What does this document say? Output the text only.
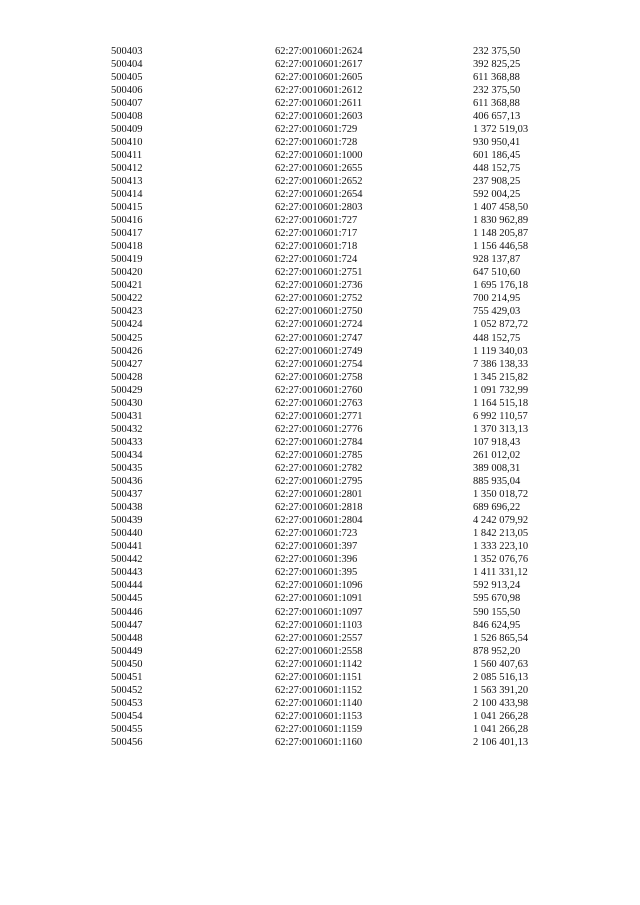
500403	62:27:0010601:2624	232 375,50
500404	62:27:0010601:2617	392 825,25
500405	62:27:0010601:2605	611 368,88
500406	62:27:0010601:2612	232 375,50
500407	62:27:0010601:2611	611 368,88
500408	62:27:0010601:2603	406 657,13
500409	62:27:0010601:729	1 372 519,03
500410	62:27:0010601:728	930 950,41
500411	62:27:0010601:1000	601 186,45
500412	62:27:0010601:2655	448 152,75
500413	62:27:0010601:2652	237 908,25
500414	62:27:0010601:2654	592 004,25
500415	62:27:0010601:2803	1 407 458,50
500416	62:27:0010601:727	1 830 962,89
500417	62:27:0010601:717	1 148 205,87
500418	62:27:0010601:718	1 156 446,58
500419	62:27:0010601:724	928 137,87
500420	62:27:0010601:2751	647 510,60
500421	62:27:0010601:2736	1 695 176,18
500422	62:27:0010601:2752	700 214,95
500423	62:27:0010601:2750	755 429,03
500424	62:27:0010601:2724	1 052 872,72
500425	62:27:0010601:2747	448 152,75
500426	62:27:0010601:2749	1 119 340,03
500427	62:27:0010601:2754	7 386 138,33
500428	62:27:0010601:2758	1 345 215,82
500429	62:27:0010601:2760	1 091 732,99
500430	62:27:0010601:2763	1 164 515,18
500431	62:27:0010601:2771	6 992 110,57
500432	62:27:0010601:2776	1 370 313,13
500433	62:27:0010601:2784	107 918,43
500434	62:27:0010601:2785	261 012,02
500435	62:27:0010601:2782	389 008,31
500436	62:27:0010601:2795	885 935,04
500437	62:27:0010601:2801	1 350 018,72
500438	62:27:0010601:2818	689 696,22
500439	62:27:0010601:2804	4 242 079,92
500440	62:27:0010601:723	1 842 213,05
500441	62:27:0010601:397	1 333 223,10
500442	62:27:0010601:396	1 352 076,76
500443	62:27:0010601:395	1 411 331,12
500444	62:27:0010601:1096	592 913,24
500445	62:27:0010601:1091	595 670,98
500446	62:27:0010601:1097	590 155,50
500447	62:27:0010601:1103	846 624,95
500448	62:27:0010601:2557	1 526 865,54
500449	62:27:0010601:2558	878 952,20
500450	62:27:0010601:1142	1 560 407,63
500451	62:27:0010601:1151	2 085 516,13
500452	62:27:0010601:1152	1 563 391,20
500453	62:27:0010601:1140	2 100 433,98
500454	62:27:0010601:1153	1 041 266,28
500455	62:27:0010601:1159	1 041 266,28
500456	62:27:0010601:1160	2 106 401,13
